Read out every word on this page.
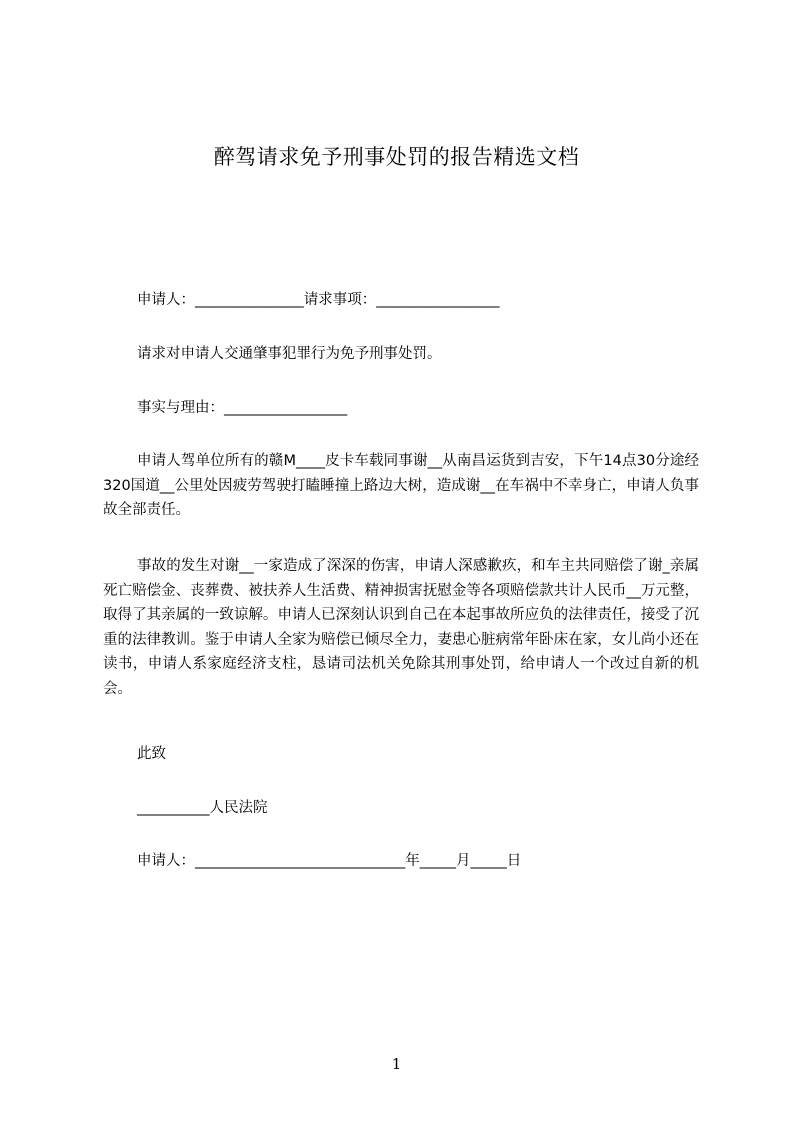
醉驾请求免予刑事处罚的报告精选文档
申请人：_______________请求事项：_________________
请求对申请人交通肇事犯罪行为免予刑事处罚。
事实与理由：_________________
申请人驾单位所有的赣M____皮卡车载同事谢__从南昌运货到吉安，下午14点30分途经320国道__公里处因疲劳驾驶打瞌睡撞上路边大树，造成谢__在车祸中不幸身亡，申请人负事故全部责任。
事故的发生对谢__一家造成了深深的伤害，申请人深感歉疚，和车主共同赔偿了谢_亲属死亡赔偿金、丧葬费、被扶养人生活费、精神损害抚慰金等各项赔偿款共计人民币__万元整，取得了其亲属的一致谅解。申请人已深刻认识到自己在本起事故所应负的法律责任，接受了沉重的法律教训。鉴于申请人全家为赔偿已倾尽全力，妻患心脏病常年卧床在家，女儿尚小还在读书，申请人系家庭经济支柱，恳请司法机关免除其刑事处罚，给申请人一个改过自新的机会。
此致
__________人民法院
申请人：_____________________________年_____月_____日
1
